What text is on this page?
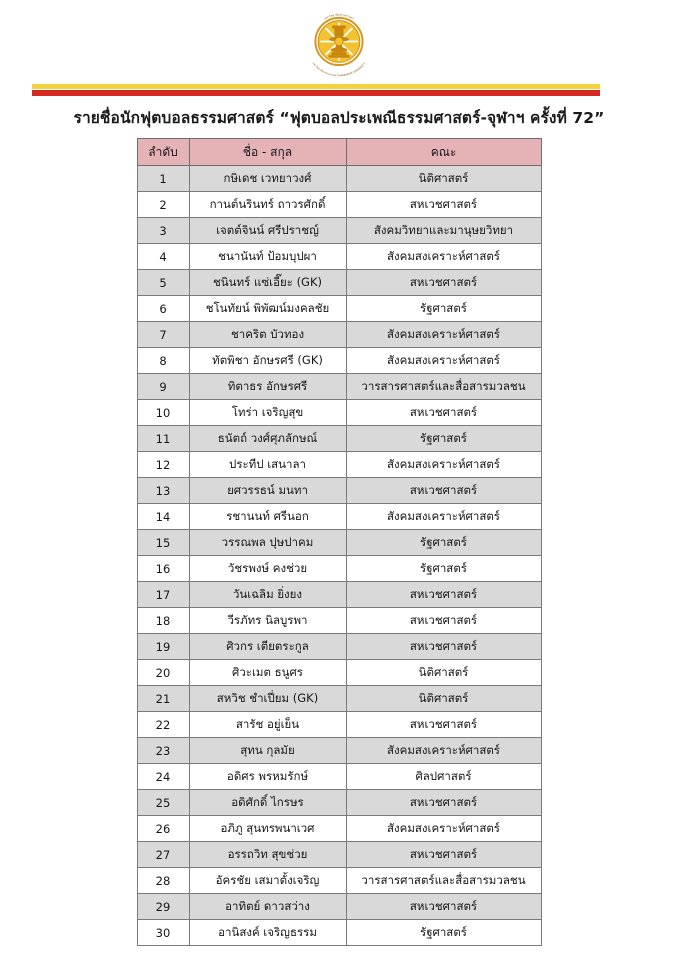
มหาวิทยาลัยธรรมศาสตร์
มหาวิทยาลัยธรรมศาสตร์ THAMMASAT UNIVERSITY
รายชื่อนักฟุตบอลธรรมศาสตร์ “ฟุตบอลประเพณีธรรมศาสตร์-จุฬาฯ ครั้งที่ 72”
ลำดับ	ชื่อ - สกุล	คณะ
1	กษิเดช เวทยาวงศ์	นิติศาสตร์
2	กานต์นรินทร์ ถาวรศักดิ์	สหเวชศาสตร์
3	เจตต์จินน์ ศรีปราชญ์	สังคมวิทยาและมานุษยวิทยา
4	ชนานันท์ ป้อมบุปผา	สังคมสงเคราะห์ศาสตร์
5	ชนินทร์ แซ่เอี๊ยะ (GK)	สหเวชศาสตร์
6	ชโนทัยน์ พิพัฒน์มงคลชัย	รัฐศาสตร์
7	ชาคริต บัวทอง	สังคมสงเคราะห์ศาสตร์
8	ทัตพิชา อักษรศรี (GK)	สังคมสงเคราะห์ศาสตร์
9	ทิตาธร อักษรศรี	วารสารศาสตร์และสื่อสารมวลชน
10	โทร่า เจริญสุข	สหเวชศาสตร์
11	ธนัตถ์ วงศ์ศุภลักษณ์	รัฐศาสตร์
12	ประทีป เสนาลา	สังคมสงเคราะห์ศาสตร์
13	ยศวรรธน์ มนทา	สหเวชศาสตร์
14	รชานนท์ ศรีนอก	สังคมสงเคราะห์ศาสตร์
15	วรรณพล ปุษปาคม	รัฐศาสตร์
16	วัชรพงษ์ คงช่วย	รัฐศาสตร์
17	วันเฉลิม ยิ่งยง	สหเวชศาสตร์
18	วีรภัทร นิลบูรพา	สหเวชศาสตร์
19	ศิวกร เตียตระกูล	สหเวชศาสตร์
20	ศิวะเมต ธนูศร	นิติศาสตร์
21	สหวิช ชำเปี่ยม (GK)	นิติศาสตร์
22	สารัช อยู่เย็น	สหเวชศาสตร์
23	สุทน กุลมัย	สังคมสงเคราะห์ศาสตร์
24	อดิศร พรหมรักษ์	ศิลปศาสตร์
25	อดิศักดิ์ ไกรษร	สหเวชศาสตร์
26	อภิภู สุนทรพนาเวศ	สังคมสงเคราะห์ศาสตร์
27	อรรถวิท สุขช่วย	สหเวชศาสตร์
28	อัครชัย เสมาตั้งเจริญ	วารสารศาสตร์และสื่อสารมวลชน
29	อาทิตย์ ดาวสว่าง	สหเวชศาสตร์
30	อานิสงค์ เจริญธรรม	รัฐศาสตร์
